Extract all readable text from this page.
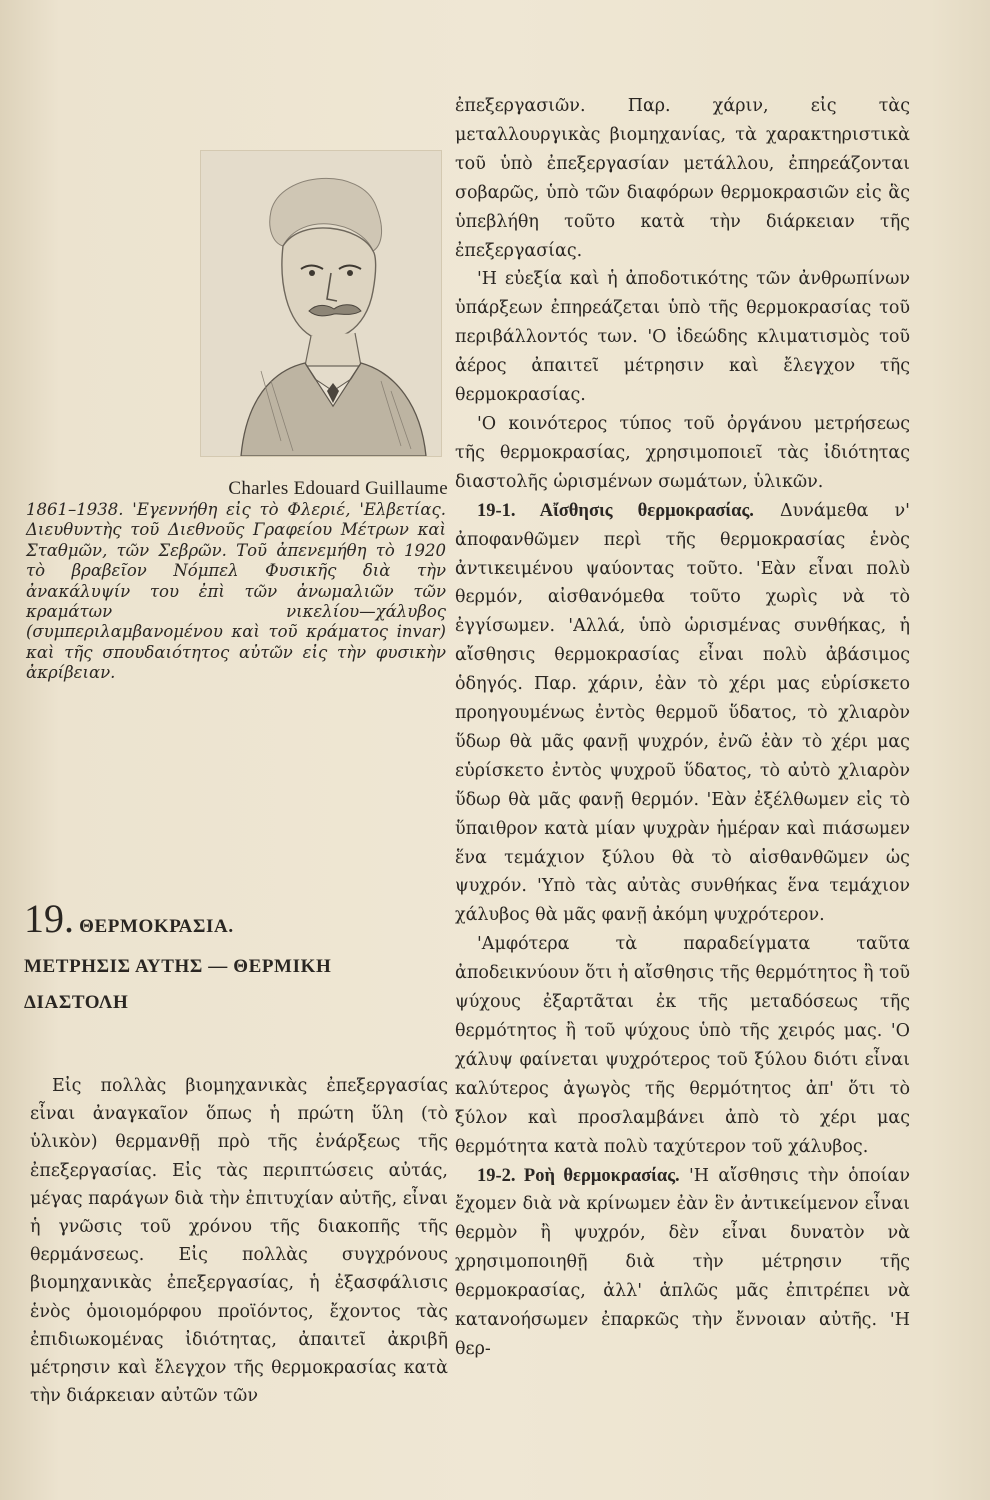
Charles Edouard Guillaume

1861–1938. 'Εγεννήθη εἰς τὸ Φλεριέ, 'Ελβετίας. Διευθυντὴς τοῦ Διεθνοῦς Γραφείου Μέτρων καὶ Σταθμῶν, τῶν Σεβρῶν. Τοῦ ἀπενεμήθη τὸ 1920 τὸ βραβεῖον Νόμπελ Φυσικῆς διὰ τὴν ἀνακάλυψίν του ἐπὶ τῶν ἀνωμαλιῶν τῶν κραμάτων νικελίου—χάλυβος (συμπεριλαμβανομένου καὶ τοῦ κράματος invar) καὶ τῆς σπουδαιότητος αὐτῶν εἰς τὴν φυσικὴν ἀκρίβειαν.

19. ΘΕΡΜΟΚΡΑΣΙΑ.
ΜΕΤΡΗΣΙΣ ΑΥΤΗΣ — ΘΕΡΜΙΚΗ
ΔΙΑΣΤΟΛΗ

Εἰς πολλὰς βιομηχανικὰς ἐπεξεργασίας εἶναι ἀναγκαῖον ὅπως ἡ πρώτη ὕλη (τὸ ὑλικὸν) θερμανθῇ πρὸ τῆς ἐνάρξεως τῆς ἐπεξεργασίας. Εἰς τὰς περιπτώσεις αὐτάς, μέγας παράγων διὰ τὴν ἐπιτυχίαν αὐτῆς, εἶναι ἡ γνῶσις τοῦ χρόνου τῆς διακοπῆς τῆς θερμάνσεως. Εἰς πολλὰς συγχρόνους βιομηχανικὰς ἐπεξεργασίας, ἡ ἐξασφάλισις ἑνὸς ὁμοιομόρφου προϊόντος, ἔχοντος τὰς ἐπιδιωκομένας ἰδιότητας, ἀπαιτεῖ ἀκριβῆ μέτρησιν καὶ ἔλεγχον τῆς θερμοκρασίας κατὰ τὴν διάρκειαν αὐτῶν τῶν

ἐπεξεργασιῶν. Παρ. χάριν, εἰς τὰς μεταλλουργικὰς βιομηχανίας, τὰ χαρακτηριστικὰ τοῦ ὑπὸ ἐπεξεργασίαν μετάλλου, ἐπηρεάζονται σοβαρῶς, ὑπὸ τῶν διαφόρων θερμοκρασιῶν εἰς ἃς ὑπεβλήθη τοῦτο κατὰ τὴν διάρκειαν τῆς ἐπεξεργασίας.

'Η εὐεξία καὶ ἡ ἀποδοτικότης τῶν ἀνθρωπίνων ὑπάρξεων ἐπηρεάζεται ὑπὸ τῆς θερμοκρασίας τοῦ περιβάλλοντός των. 'Ο ἰδεώδης κλιματισμὸς τοῦ ἀέρος ἀπαιτεῖ μέτρησιν καὶ ἔλεγχον τῆς θερμοκρασίας.

'Ο κοινότερος τύπος τοῦ ὀργάνου μετρήσεως τῆς θερμοκρασίας, χρησιμοποιεῖ τὰς ἰδιότητας διαστολῆς ὡρισμένων σωμάτων, ὑλικῶν.

19-1. Αἴσθησις θερμοκρασίας. Δυνάμεθα ν' ἀποφανθῶμεν περὶ τῆς θερμοκρασίας ἑνὸς ἀντικειμένου ψαύοντας τοῦτο. 'Εὰν εἶναι πολὺ θερμόν, αἰσθανόμεθα τοῦτο χωρὶς νὰ τὸ ἐγγίσωμεν. 'Αλλά, ὑπὸ ὡρισμένας συνθήκας, ἡ αἴσθησις θερμοκρασίας εἶναι πολὺ ἀβάσιμος ὁδηγός. Παρ. χάριν, ἐὰν τὸ χέρι μας εὑρίσκετο προηγουμένως ἐντὸς θερμοῦ ὕδατος, τὸ χλιαρὸν ὕδωρ θὰ μᾶς φανῇ ψυχρόν, ἐνῶ ἐὰν τὸ χέρι μας εὑρίσκετο ἐντὸς ψυχροῦ ὕδατος, τὸ αὐτὸ χλιαρὸν ὕδωρ θὰ μᾶς φανῇ θερμόν. 'Εὰν ἐξέλθωμεν εἰς τὸ ὕπαιθρον κατὰ μίαν ψυχρὰν ἡμέραν καὶ πιάσωμεν ἕνα τεμάχιον ξύλου θὰ τὸ αἰσθανθῶμεν ὡς ψυχρόν. 'Υπὸ τὰς αὐτὰς συνθήκας ἕνα τεμάχιον χάλυβος θὰ μᾶς φανῇ ἀκόμη ψυχρότερον.

'Αμφότερα τὰ παραδείγματα ταῦτα ἀποδεικνύουν ὅτι ἡ αἴσθησις τῆς θερμότητος ἢ τοῦ ψύχους ἐξαρτᾶται ἐκ τῆς μεταδόσεως τῆς θερμότητος ἢ τοῦ ψύχους ὑπὸ τῆς χειρός μας. 'Ο χάλυψ φαίνεται ψυχρότερος τοῦ ξύλου διότι εἶναι καλύτερος ἀγωγὸς τῆς θερμότητος ἀπ' ὅτι τὸ ξύλον καὶ προσλαμβάνει ἀπὸ τὸ χέρι μας θερμότητα κατὰ πολὺ ταχύτερον τοῦ χάλυβος.

19-2. Ροὴ θερμοκρασίας. 'Η αἴσθησις τὴν ὁποίαν ἔχομεν διὰ νὰ κρίνωμεν ἐὰν ἓν ἀντικείμενον εἶναι θερμὸν ἢ ψυχρόν, δὲν εἶναι δυνατὸν νὰ χρησιμοποιηθῇ διὰ τὴν μέτρησιν τῆς θερμοκρασίας, ἀλλ' ἁπλῶς μᾶς ἐπιτρέπει νὰ κατανοήσωμεν ἐπαρκῶς τὴν ἔννοιαν αὐτῆς. 'Η θερ-
